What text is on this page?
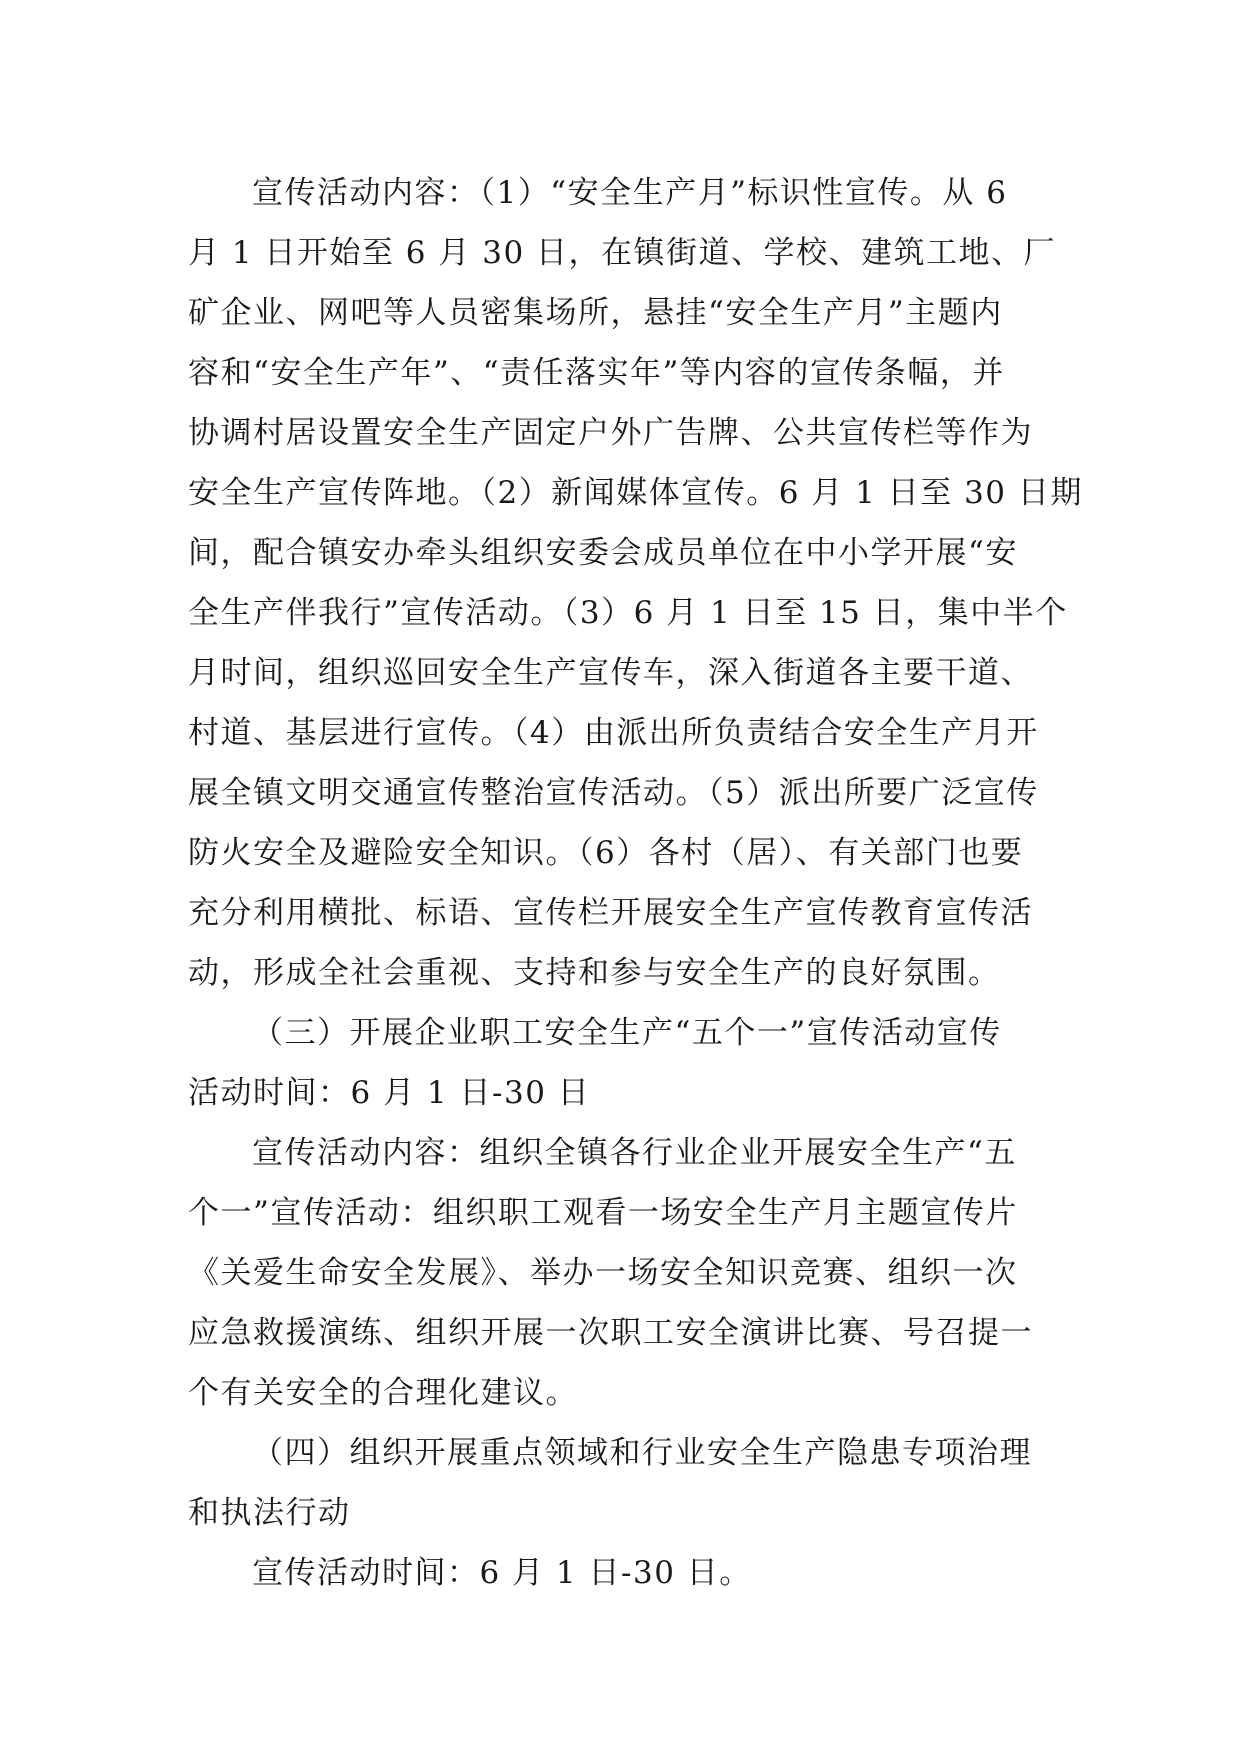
宣传活动内容：（1）“安全生产月”标识性宣传。从 6
月 1 日开始至 6 月 30 日，在镇街道、学校、建筑工地、厂
矿企业、网吧等人员密集场所，悬挂“安全生产月”主题内
容和“安全生产年”、“责任落实年”等内容的宣传条幅，并
协调村居设置安全生产固定户外广告牌、公共宣传栏等作为
安全生产宣传阵地。（2）新闻媒体宣传。6 月 1 日至 30 日期
间，配合镇安办牵头组织安委会成员单位在中小学开展“安
全生产伴我行”宣传活动。（3）6 月 1 日至 15 日，集中半个
月时间，组织巡回安全生产宣传车，深入街道各主要干道、
村道、基层进行宣传。（4）由派出所负责结合安全生产月开
展全镇文明交通宣传整治宣传活动。（5）派出所要广泛宣传
防火安全及避险安全知识。（6）各村（居）、有关部门也要
充分利用横批、标语、宣传栏开展安全生产宣传教育宣传活
动，形成全社会重视、支持和参与安全生产的良好氛围。
（三）开展企业职工安全生产“五个一”宣传活动宣传
活动时间：6 月 1 日-30 日
宣传活动内容：组织全镇各行业企业开展安全生产“五
个一”宣传活动：组织职工观看一场安全生产月主题宣传片
《关爱生命安全发展》、举办一场安全知识竞赛、组织一次
应急救援演练、组织开展一次职工安全演讲比赛、号召提一
个有关安全的合理化建议。
（四）组织开展重点领域和行业安全生产隐患专项治理
和执法行动
宣传活动时间：6 月 1 日-30 日。
